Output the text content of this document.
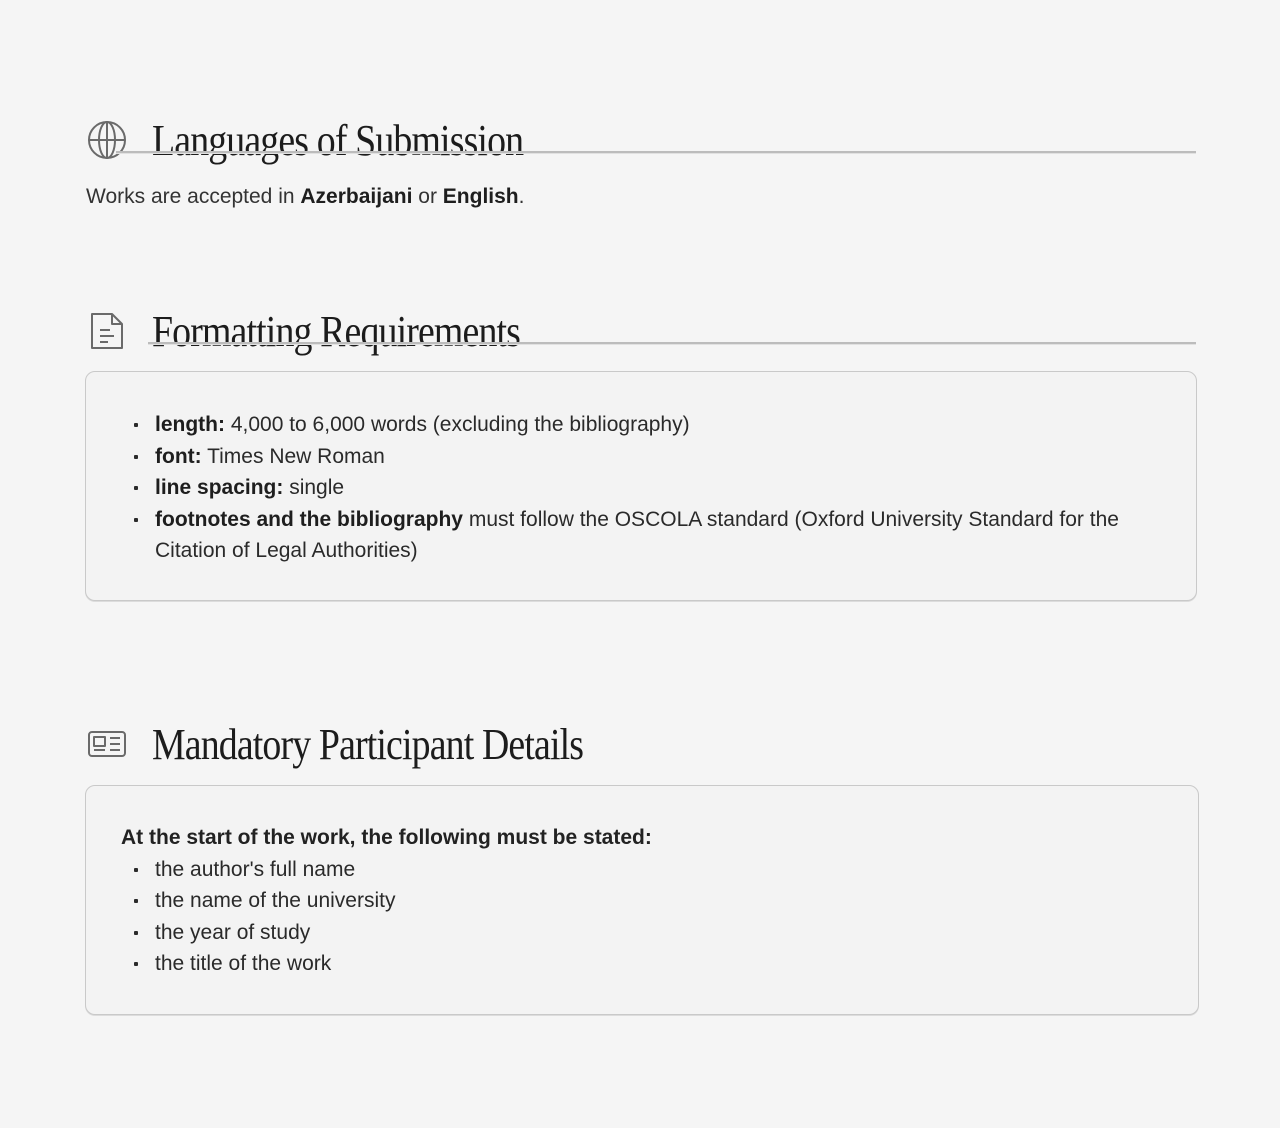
Languages of Submission
Works are accepted in Azerbaijani or English.
Formatting Requirements
length: 4,000 to 6,000 words (excluding the bibliography)
font: Times New Roman
line spacing: single
footnotes and the bibliography must follow the OSCOLA standard (Oxford University Standard for the Citation of Legal Authorities)
Mandatory Participant Details
At the start of the work, the following must be stated:
the author's full name
the name of the university
the year of study
the title of the work
